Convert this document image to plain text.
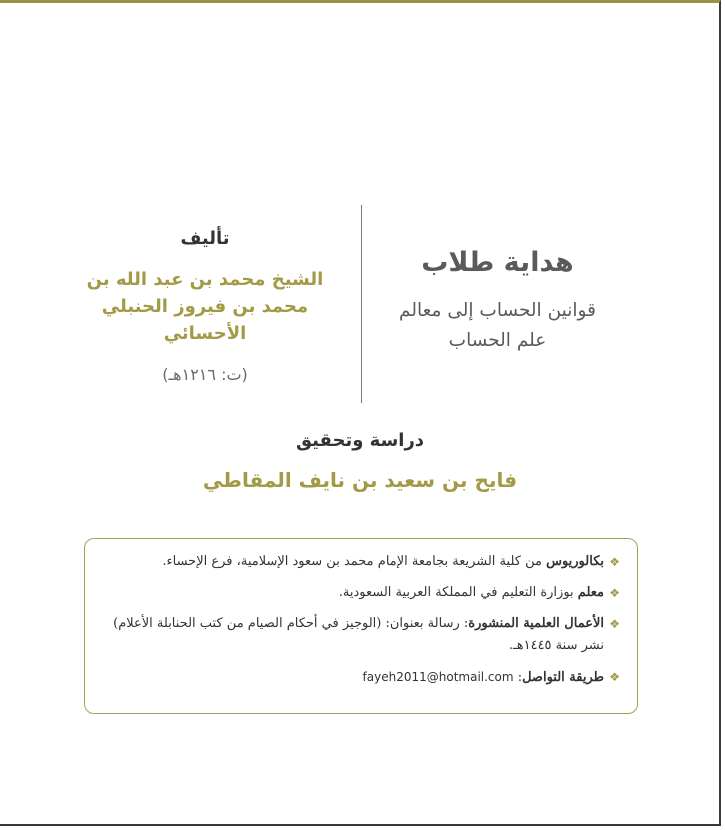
هداية طلاب
قوانين الحساب إلى معالم
علم الحساب
تأليف
الشيخ محمد بن عبد الله بن
محمد بن فيروز الحنبلي الأحسائي
(ت: ١٢١٦هـ)
دراسة وتحقيق
فايح بن سعيد بن نايف المقاطي
❖
بكالوريوس من كلية الشريعة بجامعة الإمام محمد بن سعود الإسلامية، فرع الإحساء.
❖
معلم بوزارة التعليم في المملكة العربية السعودية.
❖
الأعمال العلمية المنشورة: رسالة بعنوان: (الوجيز في أحكام الصيام من كتب الحنابلة الأعلام)
نشر سنة ١٤٤٥هـ.
❖
طريقة التواصل: fayeh2011@hotmail.com
